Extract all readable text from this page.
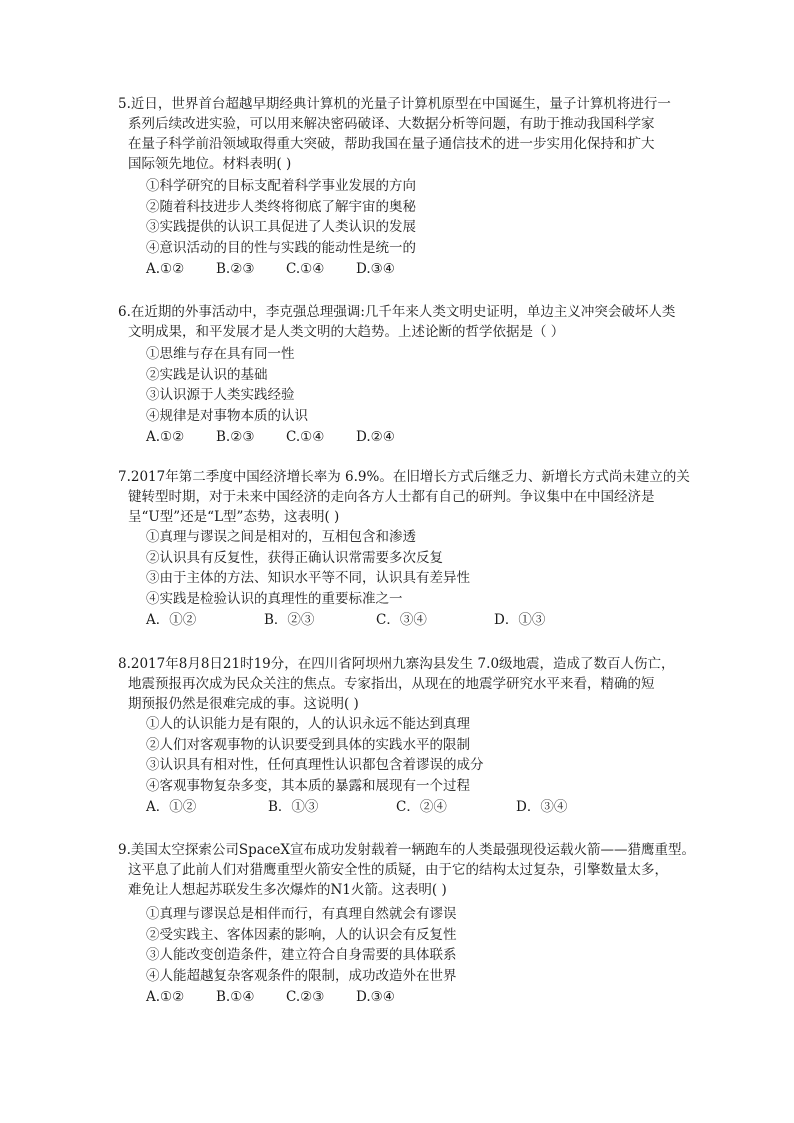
5.近日，世界首台超越早期经典计算机的光量子计算机原型在中国诞生，量子计算机将进行一
系列后续改进实验，可以用来解决密码破译、大数据分析等问题，有助于推动我国科学家
在量子科学前沿领域取得重大突破，帮助我国在量子通信技术的进一步实用化保持和扩大
国际领先地位。材料表明( )
①科学研究的目标支配着科学事业发展的方向
②随着科技进步人类终将彻底了解宇宙的奥秘
③实践提供的认识工具促进了人类认识的发展
④意识活动的目的性与实践的能动性是统一的
A.①②	B.②③	C.①④	D.③④
6.在近期的外事活动中，李克强总理强调:几千年来人类文明史证明，单边主义冲突会破坏人类
文明成果，和平发展才是人类文明的大趋势。上述论断的哲学依据是（ ）
①思维与存在具有同一性
②实践是认识的基础
③认识源于人类实践经验
④规律是对事物本质的认识
A.①②	B.②③	C.①④	D.②④
7.2017年第二季度中国经济增长率为 6.9%。在旧增长方式后继乏力、新增长方式尚未建立的关
键转型时期，对于未来中国经济的走向各方人士都有自己的研判。争议集中在中国经济是
呈“U型”还是“L型”态势，这表明( )
①真理与谬误之间是相对的，互相包含和渗透
②认识具有反复性，获得正确认识常需要多次反复
③由于主体的方法、知识水平等不同，认识具有差异性
④实践是检验认识的真理性的重要标准之一
A．①②	B．②③	C．③④	D．①③
8.2017年8月8日21时19分，在四川省阿坝州九寨沟县发生 7.0级地震，造成了数百人伤亡，
地震预报再次成为民众关注的焦点。专家指出，从现在的地震学研究水平来看，精确的短
期预报仍然是很难完成的事。这说明( )
①人的认识能力是有限的，人的认识永远不能达到真理
②人们对客观事物的认识要受到具体的实践水平的限制
③认识具有相对性，任何真理性认识都包含着谬误的成分
④客观事物复杂多变，其本质的暴露和展现有一个过程
A．①②	B．①③	C．②④	D．③④
9.美国太空探索公司SpaceX宣布成功发射载着一辆跑车的人类最强现役运载火箭——猎鹰重型。
这平息了此前人们对猎鹰重型火箭安全性的质疑，由于它的结构太过复杂，引擎数量太多，
难免让人想起苏联发生多次爆炸的N1火箭。这表明( )
①真理与谬误总是相伴而行，有真理自然就会有谬误
②受实践主、客体因素的影响，人的认识会有反复性
③人能改变创造条件，建立符合自身需要的具体联系
④人能超越复杂客观条件的限制，成功改造外在世界
A.①②	B.①④	C.②③	D.③④
